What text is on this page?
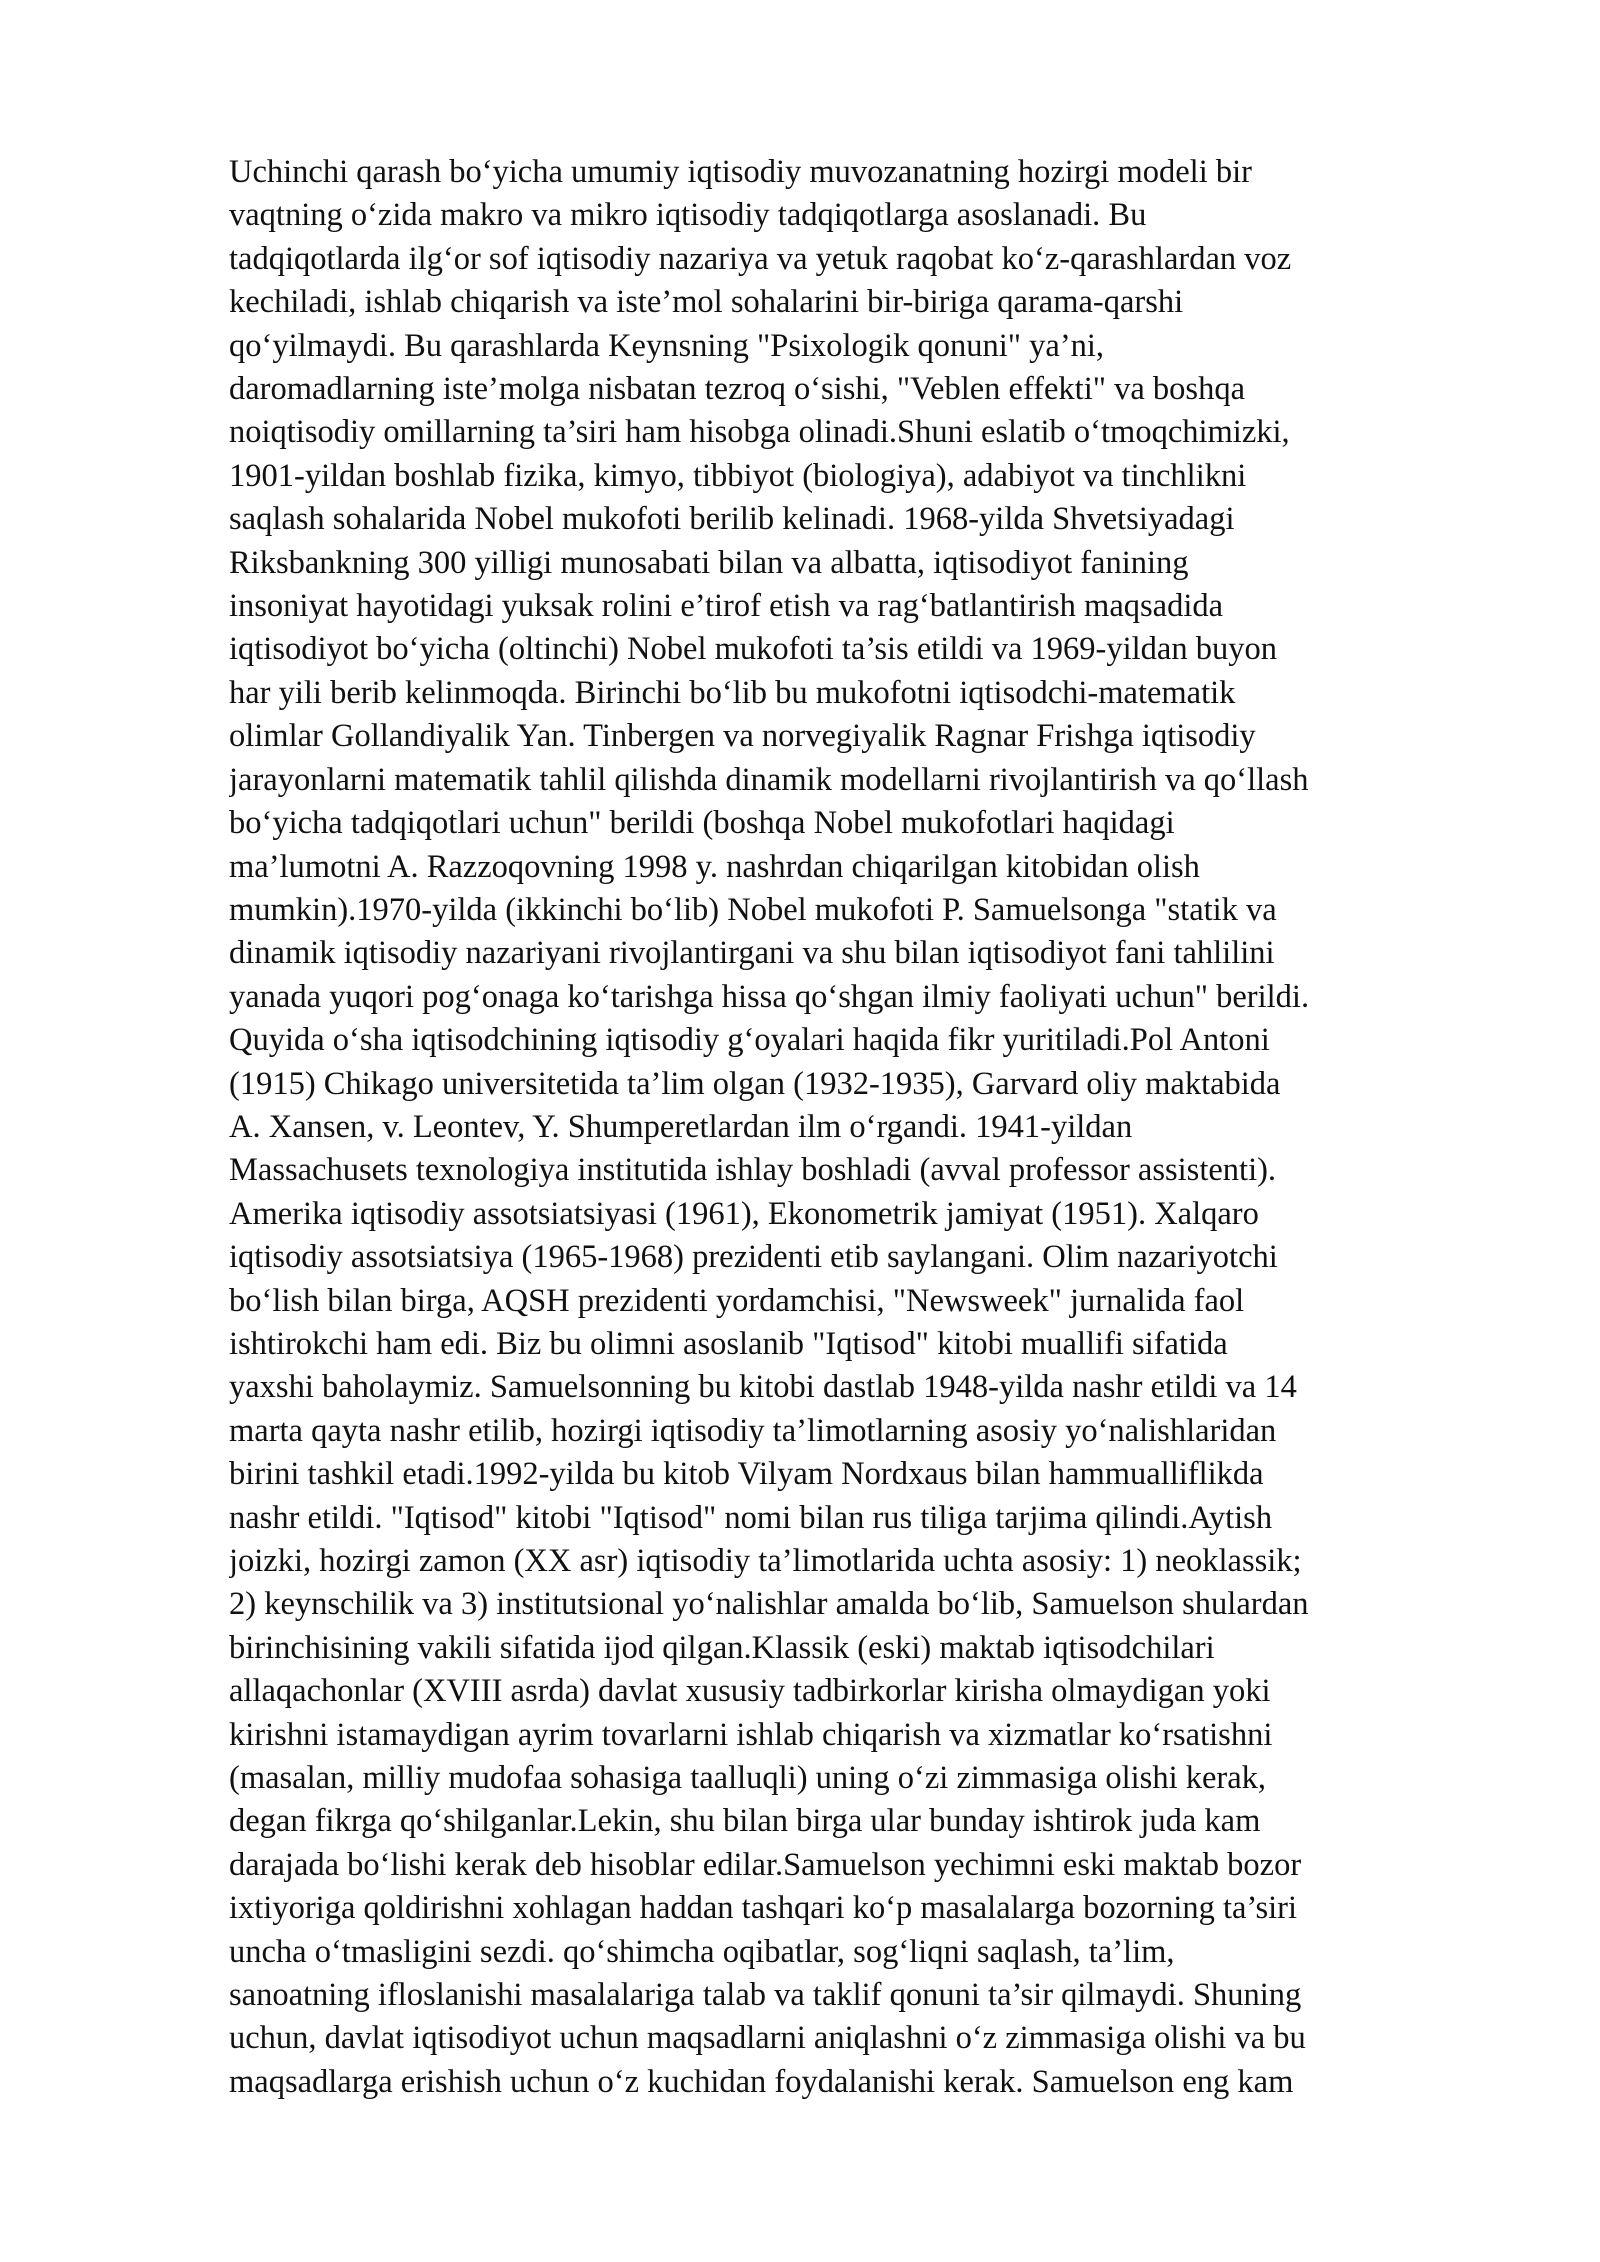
Uchinchi qarash bo‘yicha umumiy iqtisodiy muvozanatning hozirgi modeli bir
vaqtning o‘zida makro va mikro iqtisodiy tadqiqotlarga asoslanadi. Bu
tadqiqotlarda ilg‘or sof iqtisodiy nazariya va yetuk raqobat ko‘z-qarashlardan voz
kechiladi, ishlab chiqarish va iste’mol sohalarini bir-biriga qarama-qarshi
qo‘yilmaydi. Bu qarashlarda Keynsning "Psixologik qonuni" ya’ni,
daromadlarning iste’molga nisbatan tezroq o‘sishi, "Veblen effekti" va boshqa
noiqtisodiy omillarning ta’siri ham hisobga olinadi.Shuni eslatib o‘tmoqchimizki,
1901-yildan boshlab fizika, kimyo, tibbiyot (biologiya), adabiyot va tinchlikni
saqlash sohalarida Nobel mukofoti berilib kelinadi. 1968-yilda Shvetsiyadagi
Riksbankning 300 yilligi munosabati bilan va albatta, iqtisodiyot fanining
insoniyat hayotidagi yuksak rolini e’tirof etish va rag‘batlantirish maqsadida
iqtisodiyot bo‘yicha (oltinchi) Nobel mukofoti ta’sis etildi va 1969-yildan buyon
har yili berib kelinmoqda. Birinchi bo‘lib bu mukofotni iqtisodchi-matematik
olimlar Gollandiyalik Yan. Tinbergen va norvegiyalik Ragnar Frishga iqtisodiy
jarayonlarni matematik tahlil qilishda dinamik modellarni rivojlantirish va qo‘llash
bo‘yicha tadqiqotlari uchun" berildi (boshqa Nobel mukofotlari haqidagi
ma’lumotni A. Razzoqovning 1998 y. nashrdan chiqarilgan kitobidan olish
mumkin).1970-yilda (ikkinchi bo‘lib) Nobel mukofoti P. Samuelsonga "statik va
dinamik iqtisodiy nazariyani rivojlantirgani va shu bilan iqtisodiyot fani tahlilini
yanada yuqori pog‘onaga ko‘tarishga hissa qo‘shgan ilmiy faoliyati uchun" berildi.
Quyida o‘sha iqtisodchining iqtisodiy g‘oyalari haqida fikr yuritiladi.Pol Antoni
(1915) Chikago universitetida ta’lim olgan (1932-1935), Garvard oliy maktabida
A. Xansen, v. Leontev, Y. Shumperetlardan ilm o‘rgandi. 1941-yildan
Massachusets texnologiya institutida ishlay boshladi (avval professor assistenti).
Amerika iqtisodiy assotsiatsiyasi (1961), Ekonometrik jamiyat (1951). Xalqaro
iqtisodiy assotsiatsiya (1965-1968) prezidenti etib saylangani. Olim nazariyotchi
bo‘lish bilan birga, AQSH prezidenti yordamchisi, "Newsweek" jurnalida faol
ishtirokchi ham edi. Biz bu olimni asoslanib "Iqtisod" kitobi muallifi sifatida
yaxshi baholaymiz. Samuelsonning bu kitobi dastlab 1948-yilda nashr etildi va 14
marta qayta nashr etilib, hozirgi iqtisodiy ta’limotlarning asosiy yo‘nalishlaridan
birini tashkil etadi.1992-yilda bu kitob Vilyam Nordxaus bilan hammualliflikda
nashr etildi. "Iqtisod" kitobi "Iqtisod" nomi bilan rus tiliga tarjima qilindi.Aytish
joizki, hozirgi zamon (XX asr) iqtisodiy ta’limotlarida uchta asosiy: 1) neoklassik;
2) keynschilik va 3) institutsional yo‘nalishlar amalda bo‘lib, Samuelson shulardan
birinchisining vakili sifatida ijod qilgan.Klassik (eski) maktab iqtisodchilari
allaqachonlar (XVIII asrda) davlat xususiy tadbirkorlar kirisha olmaydigan yoki
kirishni istamaydigan ayrim tovarlarni ishlab chiqarish va xizmatlar ko‘rsatishni
(masalan, milliy mudofaa sohasiga taalluqli) uning o‘zi zimmasiga olishi kerak,
degan fikrga qo‘shilganlar.Lekin, shu bilan birga ular bunday ishtirok juda kam
darajada bo‘lishi kerak deb hisoblar edilar.Samuelson yechimni eski maktab bozor
ixtiyoriga qoldirishni xohlagan haddan tashqari ko‘p masalalarga bozorning ta’siri
uncha o‘tmasligini sezdi. qo‘shimcha oqibatlar, sog‘liqni saqlash, ta’lim,
sanoatning ifloslanishi masalalariga talab va taklif qonuni ta’sir qilmaydi. Shuning
uchun, davlat iqtisodiyot uchun maqsadlarni aniqlashni o‘z zimmasiga olishi va bu
maqsadlarga erishish uchun o‘z kuchidan foydalanishi kerak. Samuelson eng kam
